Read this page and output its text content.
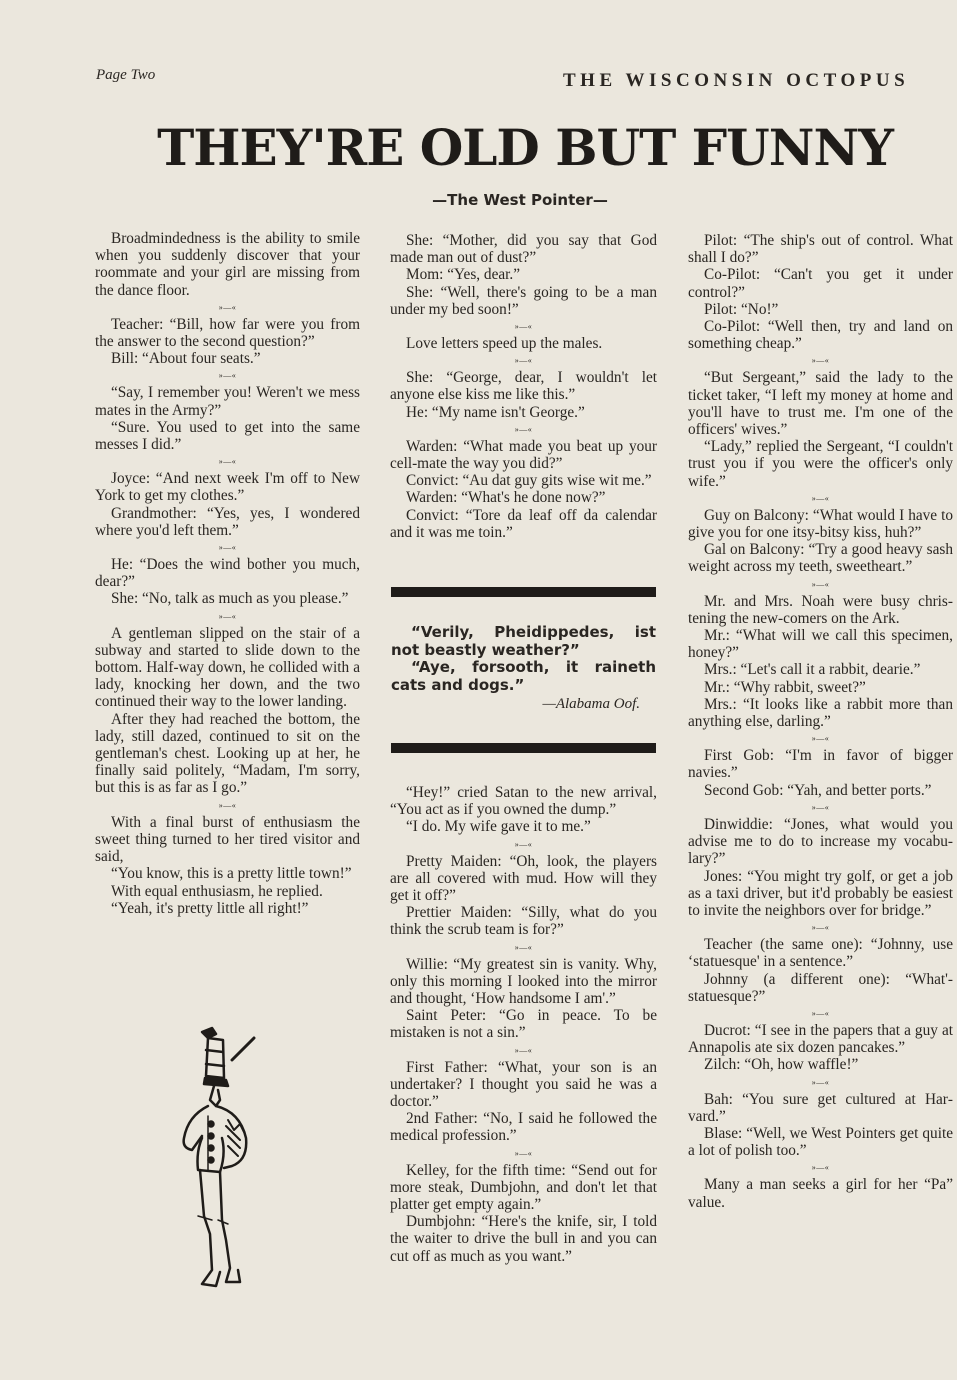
Page Two	THE WISCONSIN OCTOPUS
THEY'RE OLD BUT FUNNY
—The West Pointer—

Broadmindedness is the ability to smile when you suddenly discover that your roommate and your girl are missing from the dance floor.

»—«

Teacher: “Bill, how far were you from the answer to the second question?”

Bill: “About four seats.”

»—«

“Say, I remember you! Weren't we mess mates in the Army?”

“Sure. You used to get into the same messes I did.”

»—«

Joyce: “And next week I'm off to New York to get my clothes.”

Grandmother: “Yes, yes, I wondered where you'd left them.”

»—«

He: “Does the wind bother you much, dear?”

She: “No, talk as much as you please.”

»—«

A gentleman slipped on the stair of a subway and started to slide down to the bottom. Half-way down, he collided with a lady, knocking her down, and the two continued their way to the lower landing.

After they had reached the bottom, the lady, still dazed, continued to sit on the gentleman's chest. Looking up at her, he finally said politely, “Madam, I'm sorry, but this is as far as I go.”

»—«

With a final burst of enthusiasm the sweet thing turned to her tired visitor and said,

“You know, this is a pretty little town!”

With equal enthusiasm, he replied.

“Yeah, it's pretty little all right!”

She: “Mother, did you say that God made man out of dust?”

Mom: “Yes, dear.”

She: “Well, there's going to be a man under my bed soon!”

»—«

Love letters speed up the males.

»—«

She: “George, dear, I wouldn't let anyone else kiss me like this.”

He: “My name isn't George.”

»—«

Warden: “What made you beat up your cell-mate the way you did?”

Convict: “Au dat guy gits wise wit me.”

Warden: “What's he done now?”

Convict: “Tore da leaf off da calendar and it was me toin.”

“Verily, Pheidippedes, ist not beastly weather?”

“Aye, forsooth, it raineth cats and dogs.”

—Alabama Oof.

“Hey!” cried Satan to the new arrival, “You act as if you owned the dump.”

“I do. My wife gave it to me.”

»—«

Pretty Maiden: “Oh, look, the players are all covered with mud. How will they get it off?”

Prettier Maiden: “Silly, what do you think the scrub team is for?”

»—«

Willie: “My greatest sin is vanity. Why, only this morning I looked into the mirror and thought, ‘How handsome I am'.”

Saint Peter: “Go in peace. To be mistaken is not a sin.”

»—«

First Father: “What, your son is an undertaker? I thought you said he was a doctor.”

2nd Father: “No, I said he followed the medical profession.”

»—«

Kelley, for the fifth time: “Send out for more steak, Dumbjohn, and don't let that platter get empty again.”

Dumbjohn: “Here's the knife, sir, I told the waiter to drive the bull in and you can cut off as much as you want.”

Pilot: “The ship's out of control. What shall I do?”

Co-Pilot: “Can't you get it under control?”

Pilot: “No!”

Co-Pilot: “Well then, try and land on something cheap.”

»—«

“But Sergeant,” said the lady to the ticket taker, “I left my money at home and you'll have to trust me. I'm one of the officers' wives.”

“Lady,” replied the Sergeant, “I couldn't trust you if you were the officer's only wife.”

»—«

Guy on Balcony: “What would I have to give you for one itsy-bitsy kiss, huh?”

Gal on Balcony: “Try a good heavy sash weight across my teeth, sweetheart.”

»—«

Mr. and Mrs. Noah were busy christening the new-comers on the Ark.

Mr.: “What will we call this specimen, honey?”

Mrs.: “Let's call it a rabbit, dearie.”

Mr.: “Why rabbit, sweet?”

Mrs.: “It looks like a rabbit more than anything else, darling.”

»—«

First Gob: “I'm in favor of bigger navies.”

Second Gob: “Yah, and better ports.”

»—«

Dinwiddie: “Jones, what would you advise me to do to increase my vocabulary?”

Jones: “You might try golf, or get a job as a taxi driver, but it'd probably be easiest to invite the neighbors over for bridge.”

»—«

Teacher (the same one): “Johnny, use ‘statuesque' in a sentence.”

Johnny (a different one): “What'-statuesque?”

»—«

Ducrot: “I see in the papers that a guy at Annapolis ate six dozen pancakes.”

Zilch: “Oh, how waffle!”

»—«

Bah: “You sure get cultured at Harvard.”

Blase: “Well, we West Pointers get quite a lot of polish too.”

»—«

Many a man seeks a girl for her “Pa” value.
